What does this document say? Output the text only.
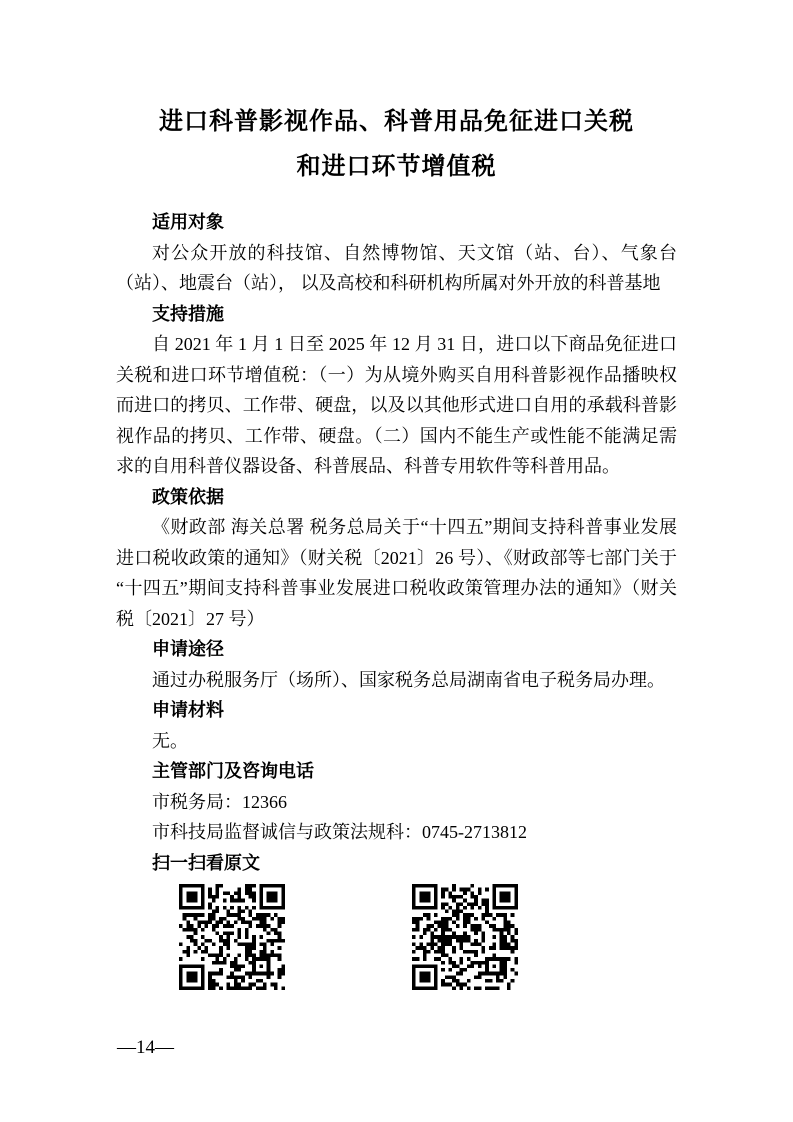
进口科普影视作品、科普用品免征进口关税
和进口环节增值税
适用对象

对公众开放的科技馆、自然博物馆、天文馆（站、台）、气象台（站）、地震台（站）， 以及高校和科研机构所属对外开放的科普基地

支持措施

自 2021 年 1 月 1 日至 2025 年 12 月 31 日，进口以下商品免征进口关税和进口环节增值税：（一）为从境外购买自用科普影视作品播映权而进口的拷贝、工作带、硬盘，以及以其他形式进口自用的承载科普影视作品的拷贝、工作带、硬盘。（二）国内不能生产或性能不能满足需求的自用科普仪器设备、科普展品、科普专用软件等科普用品。

政策依据

《财政部 海关总署 税务总局关于“十四五”期间支持科普事业发展进口税收政策的通知》（财关税〔2021〕26 号）、《财政部等七部门关于“十四五”期间支持科普事业发展进口税收政策管理办法的通知》（财关税〔2021〕27 号）

申请途径

通过办税服务厅（场所）、国家税务总局湖南省电子税务局办理。

申请材料

无。

主管部门及咨询电话

市税务局：12366

市科技局监督诚信与政策法规科：0745-2713812

扫一扫看原文
—14—
